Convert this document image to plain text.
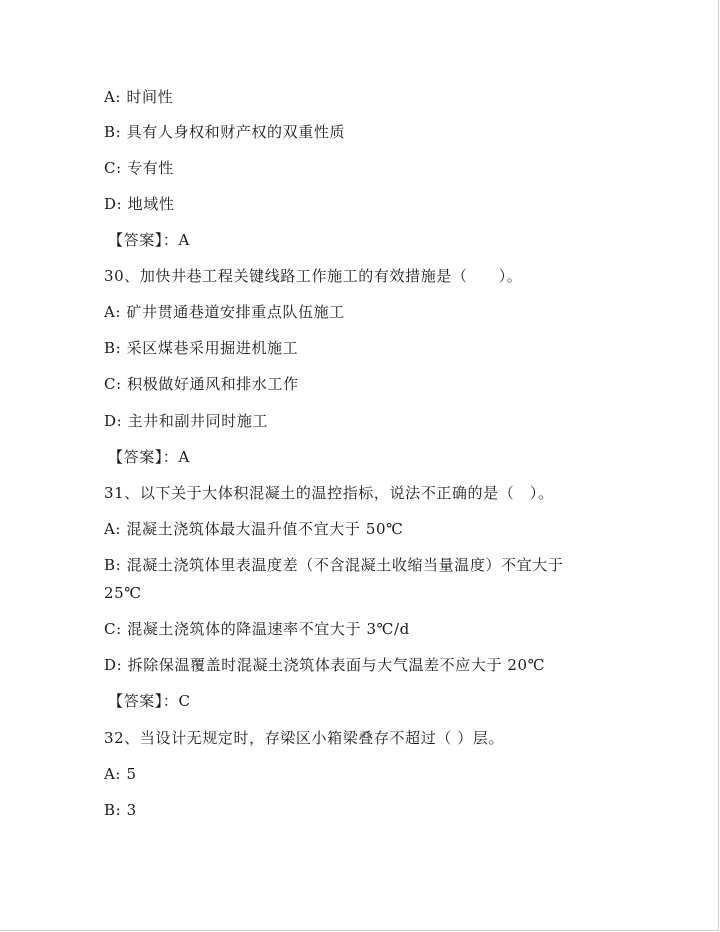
A: 时间性
B: 具有人身权和财产权的双重性质
C: 专有性
D: 地域性
【答案】：A
30、加快井巷工程关键线路工作施工的有效措施是（　　）。
A: 矿井贯通巷道安排重点队伍施工
B: 采区煤巷采用掘进机施工
C: 积极做好通风和排水工作
D: 主井和副井同时施工
【答案】：A
31、以下关于大体积混凝土的温控指标，说法不正确的是（　）。
A: 混凝土浇筑体最大温升值不宜大于 50℃
B: 混凝土浇筑体里表温度差（不含混凝土收缩当量温度）不宜大于
25℃
C: 混凝土浇筑体的降温速率不宜大于 3℃/d
D: 拆除保温覆盖时混凝土浇筑体表面与大气温差不应大于 20℃
【答案】：C
32、当设计无规定时，存梁区小箱梁叠存不超过（ ）层。
A: 5
B: 3
